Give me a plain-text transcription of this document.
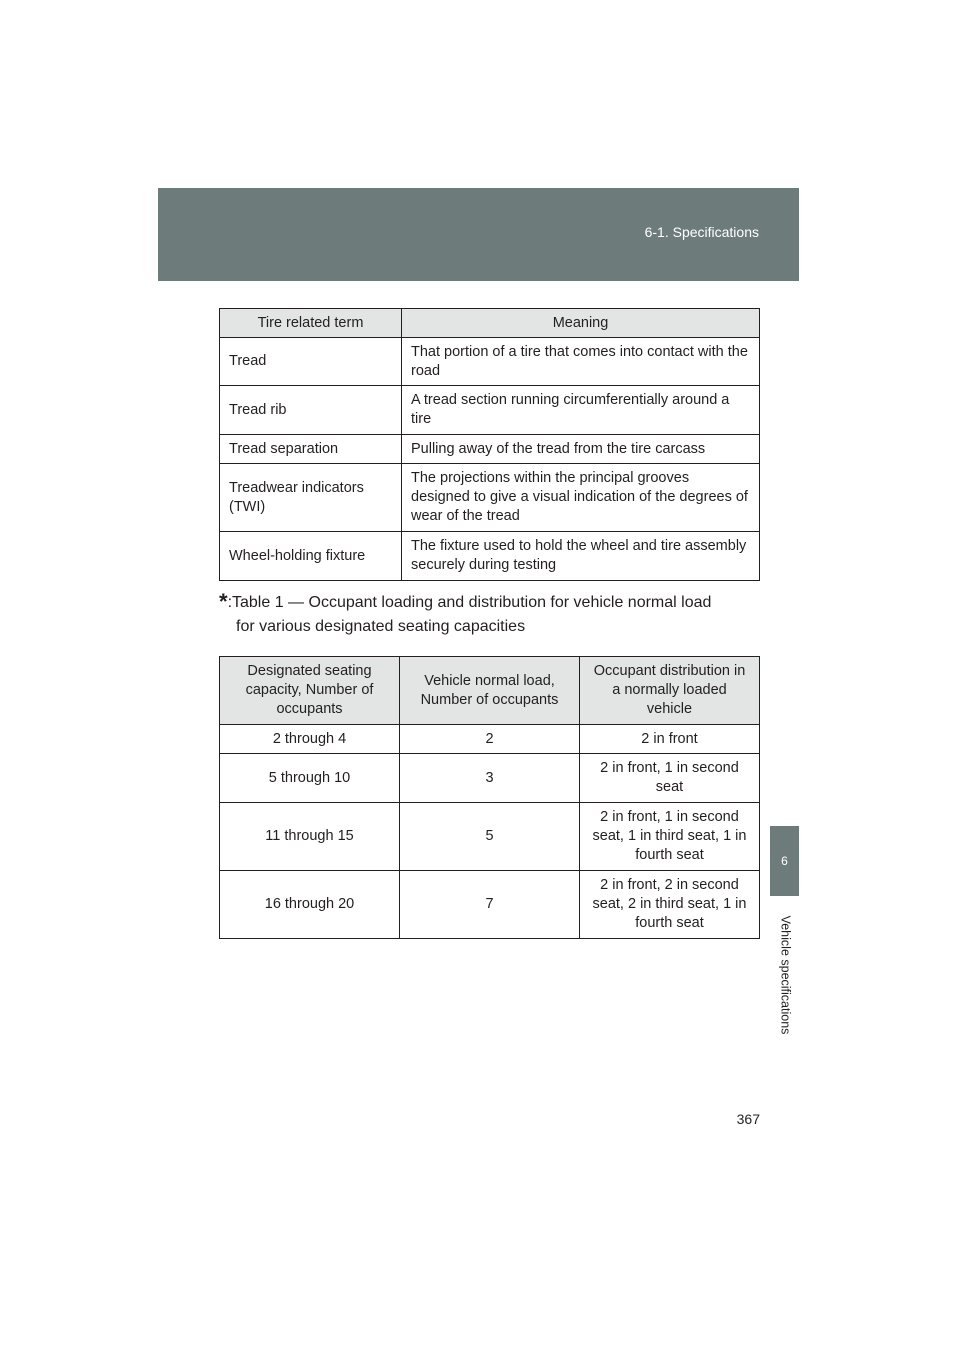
6-1. Specifications
Tire related term	Meaning
Tread	That portion of a tire that comes into contact with the road
Tread rib	A tread section running circumferentially around a tire
Tread separation	Pulling away of the tread from the tire carcass
Treadwear indicators (TWI)	The projections within the principal grooves designed to give a visual indication of the degrees of wear of the tread
Wheel-holding fixture	The fixture used to hold the wheel and tire assembly securely during testing
*:Table 1 — Occupant loading and distribution for vehicle normal load
for various designated seating capacities
Designated seating capacity, Number of occupants	Vehicle normal load, Number of occupants	Occupant distribution in a normally loaded vehicle
2 through 4	2	2 in front
5 through 10	3	2 in front, 1 in second seat
11 through 15	5	2 in front, 1 in second seat, 1 in third seat, 1 in fourth seat
16 through 20	7	2 in front, 2 in second seat, 2 in third seat, 1 in fourth seat
6
Vehicle specifications
367
